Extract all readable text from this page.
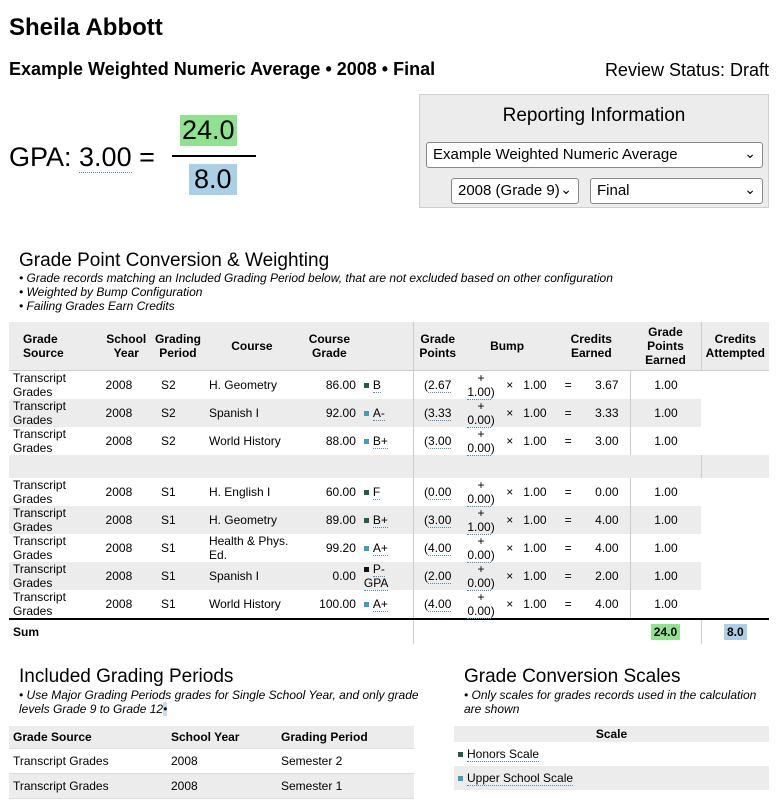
Sheila Abbott
Example Weighted Numeric Average • 2008 • Final	Review Status: Draft
GPA: 3.00 =
24.0
8.0
Reporting Information
Example Weighted Numeric Average	⌄
2008 (Grade 9) ⌄	Final	⌄
Grade Point Conversion & Weighting
• Grade records matching an Included Grading Period below, that are not excluded based on other configuration
• Weighted by Bump Configuration
• Failing Grades Earn Credits
Grade Source	School Year	Grading Period	Course	Course Grade		Grade Points	Bump		Credits Earned		Grade Points Earned	Credits Attempted
Transcript Grades	2008	S2	H. Geometry	86.00	B	(2.67	+ 1.00)	×   1.00	=	3.67	1.00	
Transcript Grades	2008	S2	Spanish I	92.00	A-	(3.33	+ 0.00)	×   1.00	=	3.33	1.00	
Transcript Grades	2008	S2	World History	88.00	B+	(3.00	+ 0.00)	×   1.00	=	3.00	1.00	

Transcript Grades	2008	S1	H. English I	60.00	F	(0.00	+ 0.00)	×   1.00	=	0.00	1.00	
Transcript Grades	2008	S1	H. Geometry	89.00	B+	(3.00	+ 1.00)	×   1.00	=	4.00	1.00	
Transcript Grades	2008	S1	Health & Phys. Ed.	99.20	A+	(4.00	+ 0.00)	×   1.00	=	4.00	1.00	
Transcript Grades	2008	S1	Spanish I	0.00	P-GPA	(2.00	+ 0.00)	×   1.00	=	2.00	1.00	
Transcript Grades	2008	S1	World History	100.00	A+	(4.00	+ 0.00)	×   1.00	=	4.00	1.00	
Sum											24.0	8.0
Included Grading Periods
• Use Major Grading Periods grades for Single School Year, and only grade levels Grade 9 to Grade 12•
Grade Source	School Year	Grading Period
Transcript Grades	2008	Semester 2
Transcript Grades	2008	Semester 1
Grade Conversion Scales
• Only scales for grades records used in the calculation are shown
Scale
Honors Scale
Upper School Scale
